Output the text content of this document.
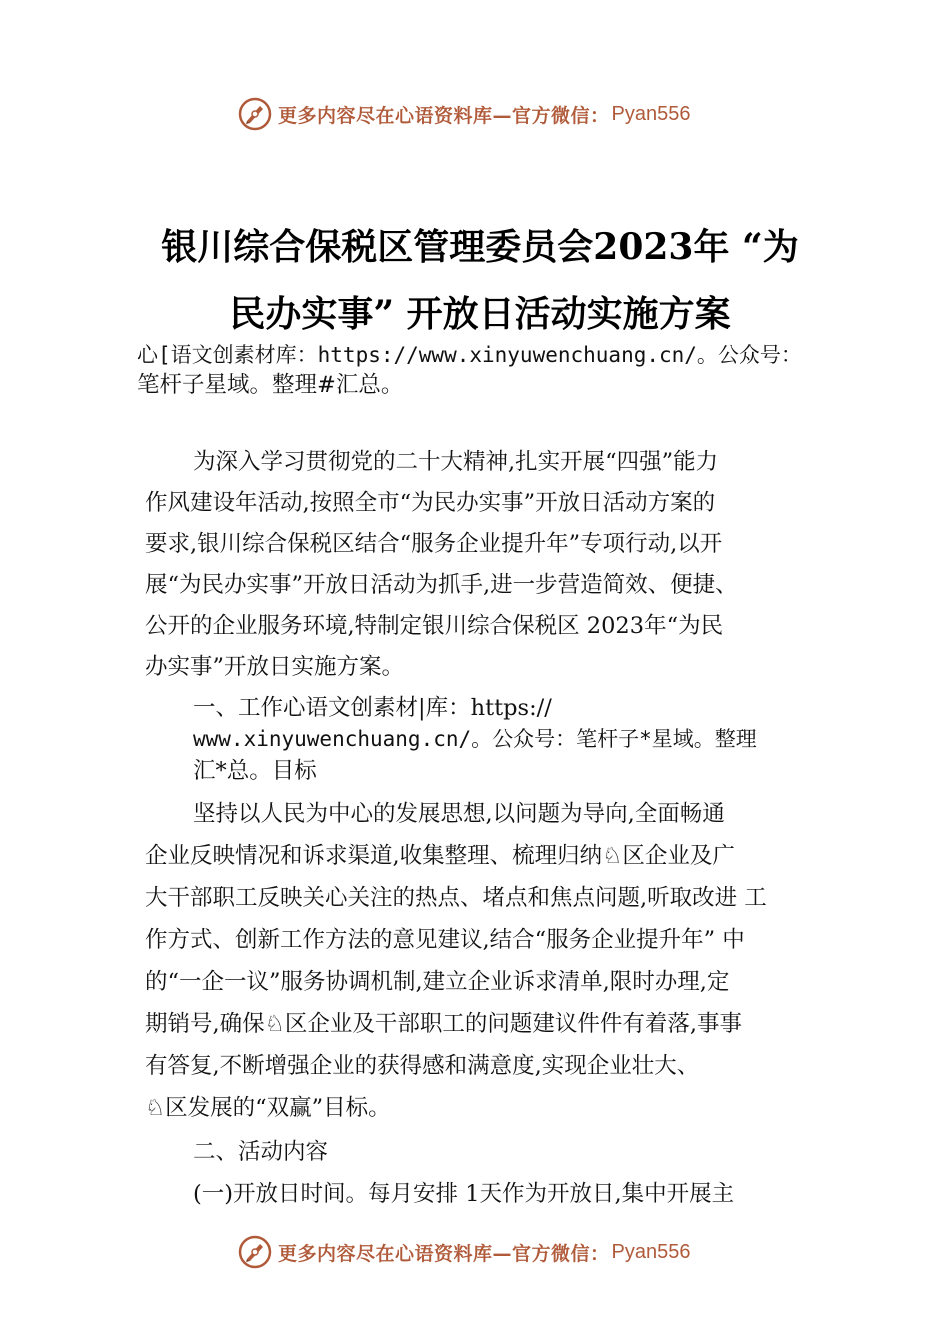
更多内容尽在心语资料库—官方微信： Pyan556
银川综合保税区管理委员会2023年 “为
民办实事” 开放日活动实施方案
心[语文创素材库：https://www.xinyuwenchuang.cn/。公众号：
笔杆子星域。整理#汇总。
为深入学习贯彻党的二十大精神,扎实开展“四强”能力
作风建设年活动,按照全市“为民办实事”开放日活动方案的
要求,银川综合保税区结合“服务企业提升年”专项行动,以开
展“为民办实事”开放日活动为抓手,进一步营造简效、便捷、
公开的企业服务环境,特制定银川综合保税区 2023年“为民
办实事”开放日实施方案。
一、工作心语文创素材|库：https://
www.xinyuwenchuang.cn/。公众号：笔杆子*星域。整理
汇*总。目标
坚持以人民为中心的发展思想,以问题为导向,全面畅通
企业反映情况和诉求渠道,收集整理、梳理归纳♘区企业及广
大干部职工反映关心关注的热点、堵点和焦点问题,听取改进 工
作方式、创新工作方法的意见建议,结合“服务企业提升年” 中
的“一企一议”服务协调机制,建立企业诉求清单,限时办理,定
期销号,确保♘区企业及干部职工的问题建议件件有着落,事事
有答复,不断增强企业的获得感和满意度,实现企业壮大、
♘区发展的“双赢”目标。
二、活动内容
(一)开放日时间。每月安排 1天作为开放日,集中开展主
更多内容尽在心语资料库—官方微信： Pyan556
